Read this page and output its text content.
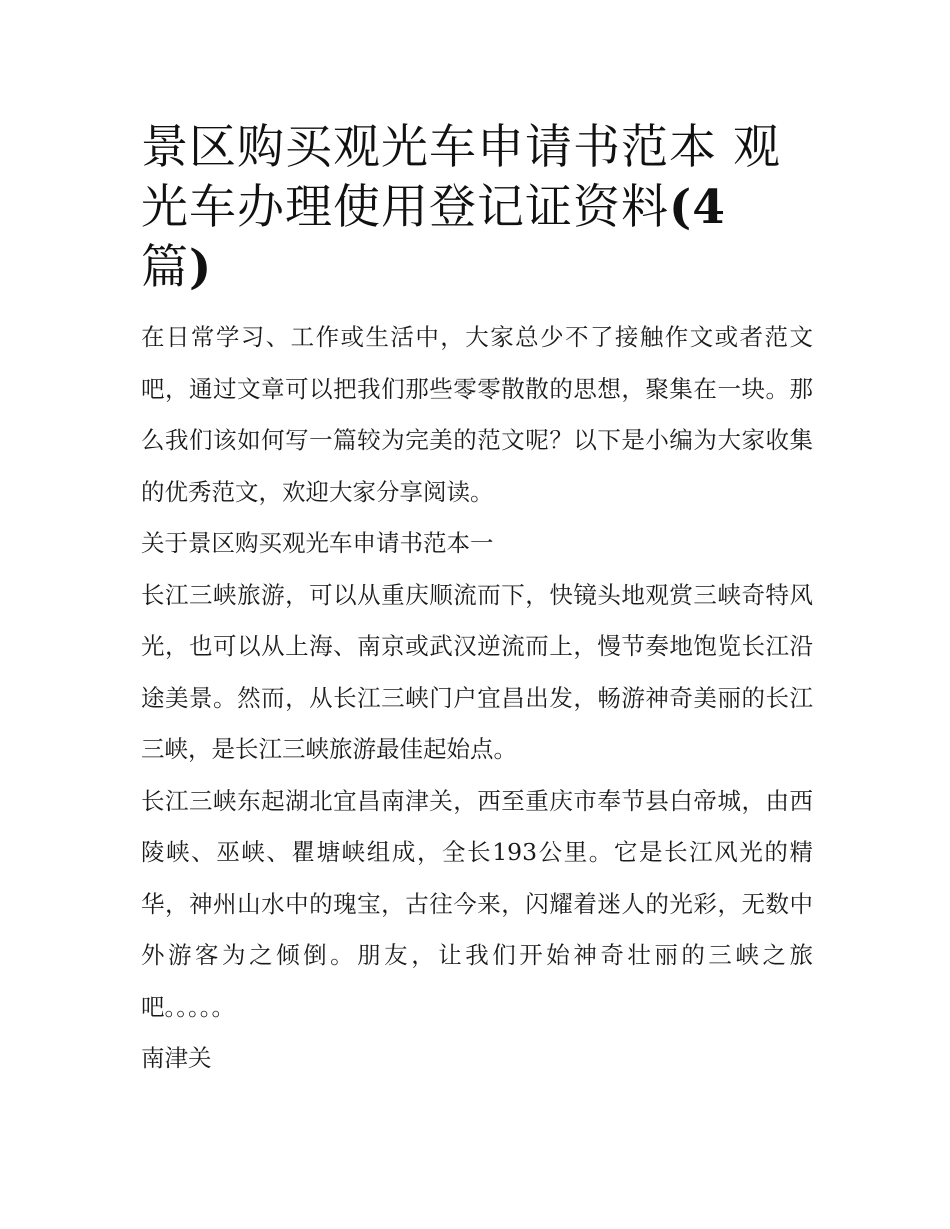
景区购买观光车申请书范本 观光车办理使用登记证资料(4
篇)

在日常学习、工作或生活中，大家总少不了接触作文或者范文吧，通过文章可以把我们那些零零散散的思想，聚集在一块。那么我们该如何写一篇较为完美的范文呢？以下是小编为大家收集的优秀范文，欢迎大家分享阅读。

关于景区购买观光车申请书范本一

长江三峡旅游，可以从重庆顺流而下，快镜头地观赏三峡奇特风光，也可以从上海、南京或武汉逆流而上，慢节奏地饱览长江沿途美景。然而，从长江三峡门户宜昌出发，畅游神奇美丽的长江三峡，是长江三峡旅游最佳起始点。

长江三峡东起湖北宜昌南津关，西至重庆市奉节县白帝城，由西陵峡、巫峡、瞿塘峡组成，全长193公里。它是长江风光的精华，神州山水中的瑰宝，古往今来，闪耀着迷人的光彩，无数中外游客为之倾倒。朋友，让我们开始神奇壮丽的三峡之旅吧。。。。。

南津关
